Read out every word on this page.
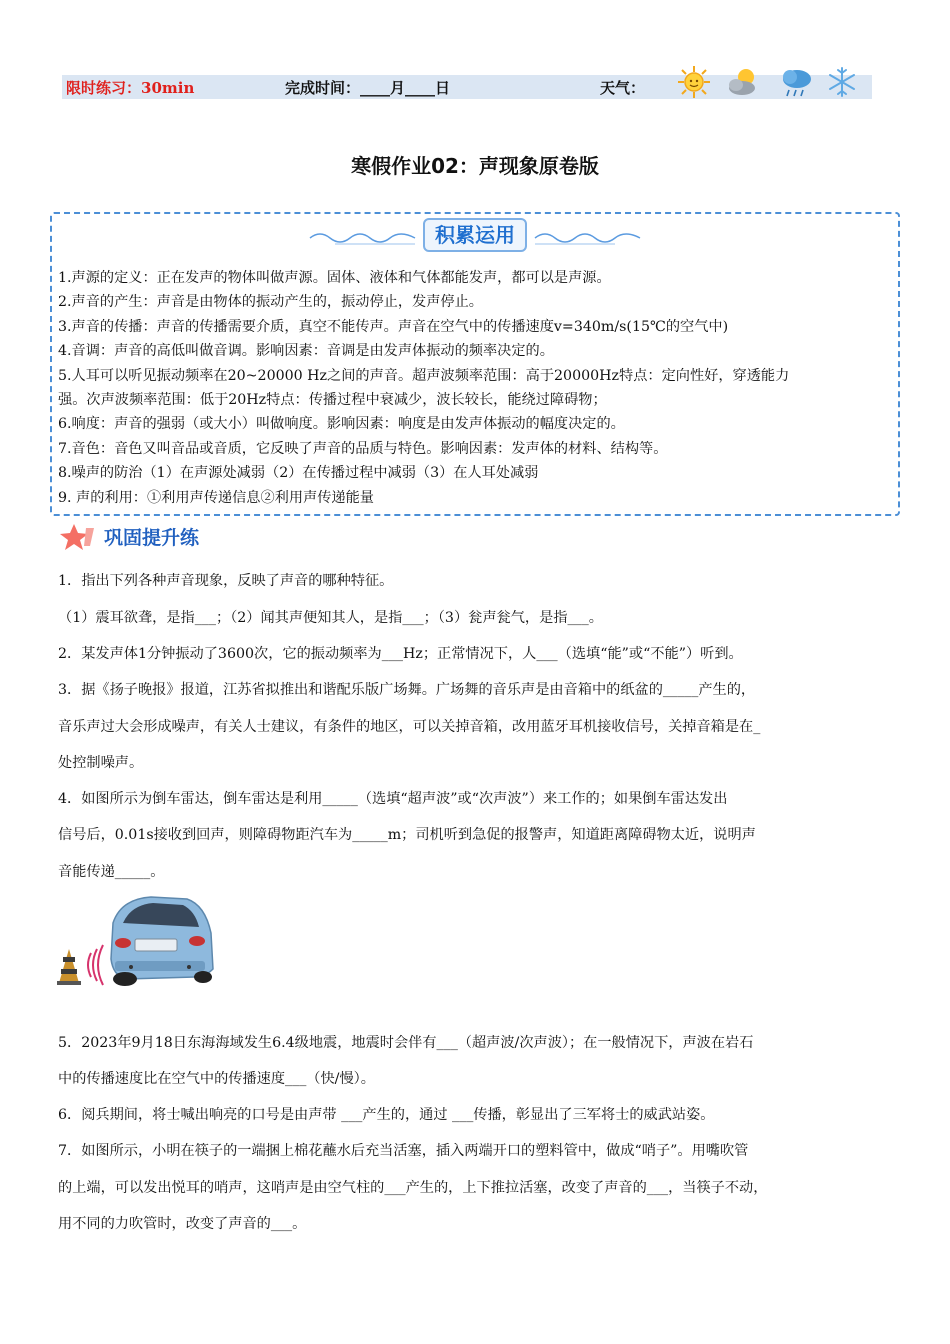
限时练习：30min	完成时间：____月____日	天气：
寒假作业02：声现象原卷版
积累运用
1.声源的定义：正在发声的物体叫做声源。固体、液体和气体都能发声，都可以是声源。
2.声音的产生：声音是由物体的振动产生的，振动停止，发声停止。
3.声音的传播：声音的传播需要介质，真空不能传声。声音在空气中的传播速度v=340m/s(15℃的空气中)
4.音调：声音的高低叫做音调。影响因素：音调是由发声体振动的频率决定的。
5.人耳可以听见振动频率在20~20000 Hz之间的声音。超声波频率范围：高于20000Hz特点：定向性好，穿透能力
强。次声波频率范围：低于20Hz特点：传播过程中衰减少，波长较长，能绕过障碍物；
6.响度：声音的强弱（或大小）叫做响度。影响因素：响度是由发声体振动的幅度决定的。
7.音色：音色又叫音品或音质，它反映了声音的品质与特色。影响因素：发声体的材料、结构等。
8.噪声的防治（1）在声源处减弱（2）在传播过程中减弱（3）在人耳处减弱
9. 声的利用：①利用声传递信息②利用声传递能量
巩固提升练
1．指出下列各种声音现象，反映了声音的哪种特征。
（1）震耳欲聋，是指___；（2）闻其声便知其人，是指___；（3）瓮声瓮气，是指___。
2．某发声体1分钟振动了3600次，它的振动频率为___Hz；正常情况下，人___（选填“能”或“不能”）听到。
3．据《扬子晚报》报道，江苏省拟推出和谐配乐版广场舞。广场舞的音乐声是由音箱中的纸盆的_____产生的，
音乐声过大会形成噪声，有关人士建议，有条件的地区，可以关掉音箱，改用蓝牙耳机接收信号，关掉音箱是在_
处控制噪声。
4．如图所示为倒车雷达，倒车雷达是利用_____（选填“超声波”或“次声波”）来工作的；如果倒车雷达发出
信号后，0.01s接收到回声，则障碍物距汽车为_____m；司机听到急促的报警声，知道距离障碍物太近，说明声
音能传递_____。
5．2023年9月18日东海海域发生6.4级地震，地震时会伴有___（超声波/次声波）；在一般情况下，声波在岩石
中的传播速度比在空气中的传播速度___（快/慢）。
6．阅兵期间，将士喊出响亮的口号是由声带 ___产生的，通过 ___传播，彰显出了三军将士的威武站姿。
7．如图所示，小明在筷子的一端捆上棉花蘸水后充当活塞，插入两端开口的塑料管中，做成“哨子”。用嘴吹管
的上端，可以发出悦耳的哨声，这哨声是由空气柱的___产生的，上下推拉活塞，改变了声音的___，当筷子不动，
用不同的力吹管时，改变了声音的___。
